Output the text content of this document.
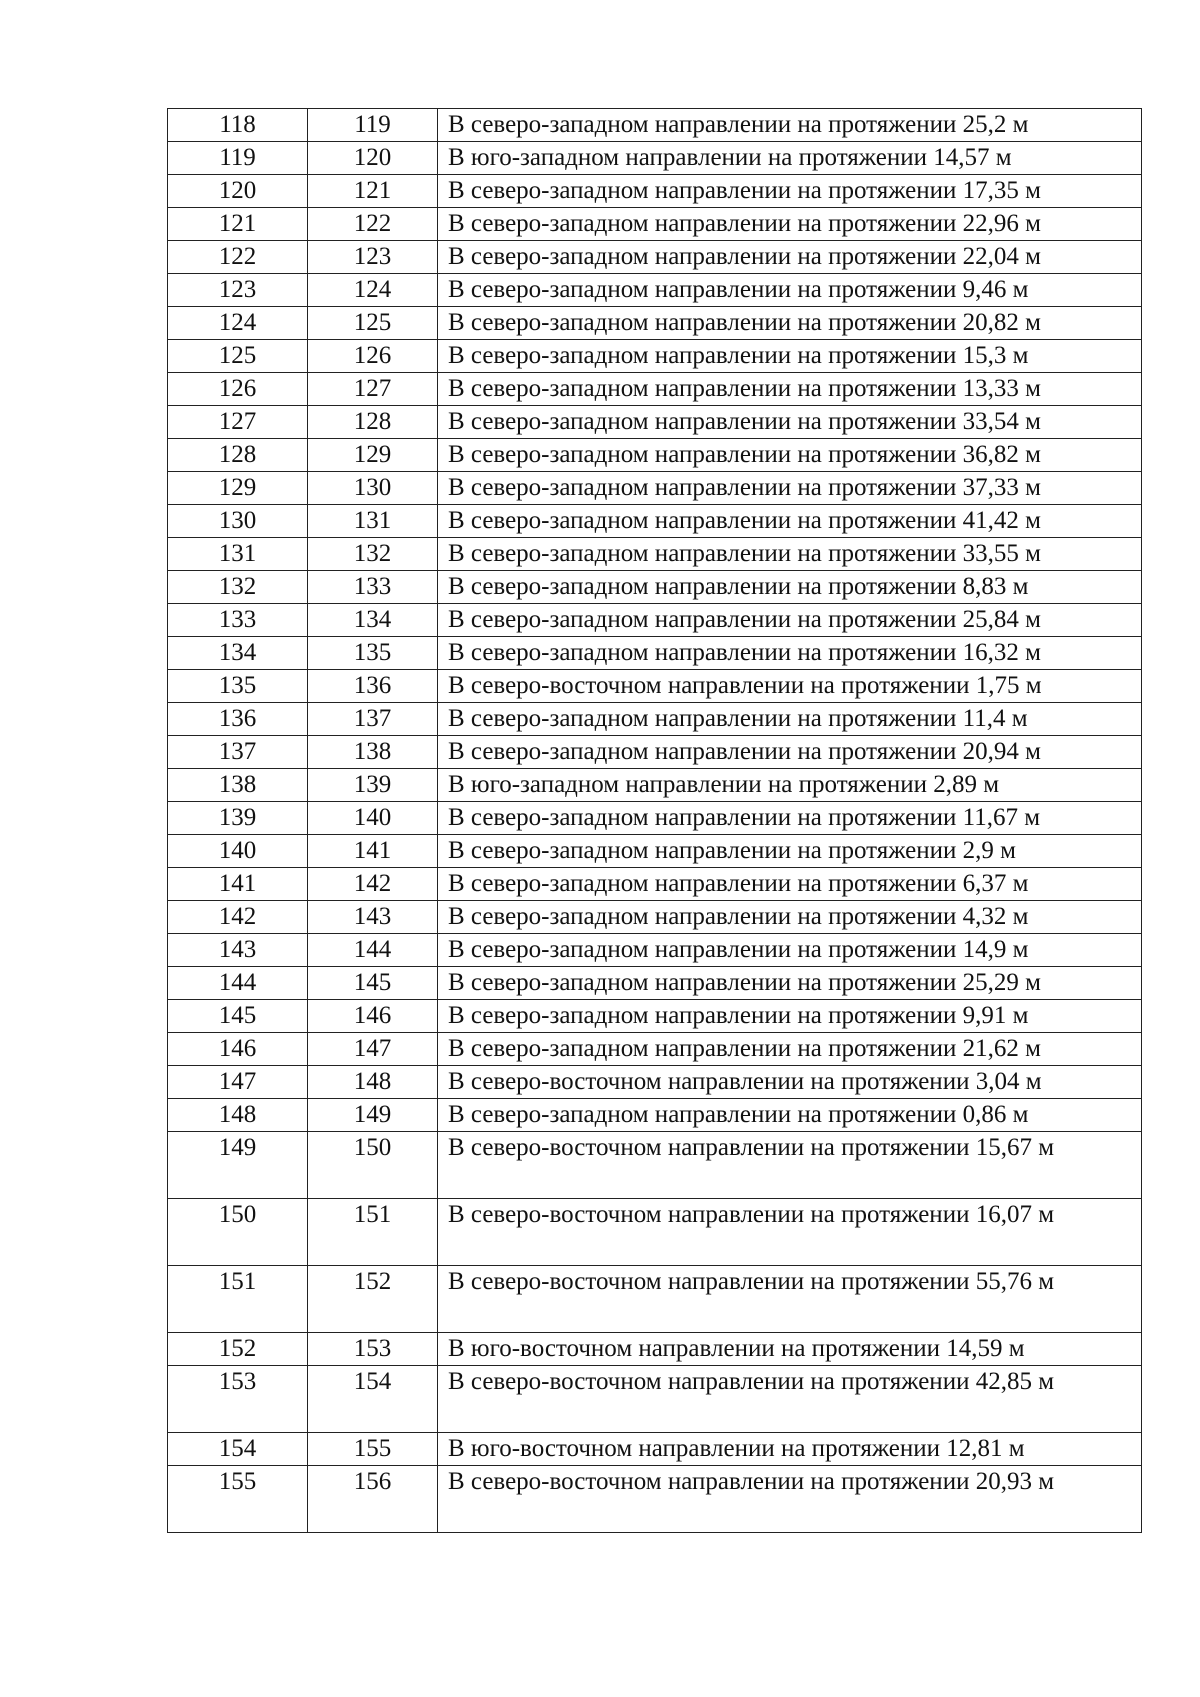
118	119	В северо-западном направлении на протяжении 25,2 м
119	120	В юго-западном направлении на протяжении 14,57 м
120	121	В северо-западном направлении на протяжении 17,35 м
121	122	В северо-западном направлении на протяжении 22,96 м
122	123	В северо-западном направлении на протяжении 22,04 м
123	124	В северо-западном направлении на протяжении 9,46 м
124	125	В северо-западном направлении на протяжении 20,82 м
125	126	В северо-западном направлении на протяжении 15,3 м
126	127	В северо-западном направлении на протяжении 13,33 м
127	128	В северо-западном направлении на протяжении 33,54 м
128	129	В северо-западном направлении на протяжении 36,82 м
129	130	В северо-западном направлении на протяжении 37,33 м
130	131	В северо-западном направлении на протяжении 41,42 м
131	132	В северо-западном направлении на протяжении 33,55 м
132	133	В северо-западном направлении на протяжении 8,83 м
133	134	В северо-западном направлении на протяжении 25,84 м
134	135	В северо-западном направлении на протяжении 16,32 м
135	136	В северо-восточном направлении на протяжении 1,75 м
136	137	В северо-западном направлении на протяжении 11,4 м
137	138	В северо-западном направлении на протяжении 20,94 м
138	139	В юго-западном направлении на протяжении 2,89 м
139	140	В северо-западном направлении на протяжении 11,67 м
140	141	В северо-западном направлении на протяжении 2,9 м
141	142	В северо-западном направлении на протяжении 6,37 м
142	143	В северо-западном направлении на протяжении 4,32 м
143	144	В северо-западном направлении на протяжении 14,9 м
144	145	В северо-западном направлении на протяжении 25,29 м
145	146	В северо-западном направлении на протяжении 9,91 м
146	147	В северо-западном направлении на протяжении 21,62 м
147	148	В северо-восточном направлении на протяжении 3,04 м
148	149	В северо-западном направлении на протяжении 0,86 м
149	150	В северо-восточном направлении на протяжении 15,67 м
150	151	В северо-восточном направлении на протяжении 16,07 м
151	152	В северо-восточном направлении на протяжении 55,76 м
152	153	В юго-восточном направлении на протяжении 14,59 м
153	154	В северо-восточном направлении на протяжении 42,85 м
154	155	В юго-восточном направлении на протяжении 12,81 м
155	156	В северо-восточном направлении на протяжении 20,93 м
